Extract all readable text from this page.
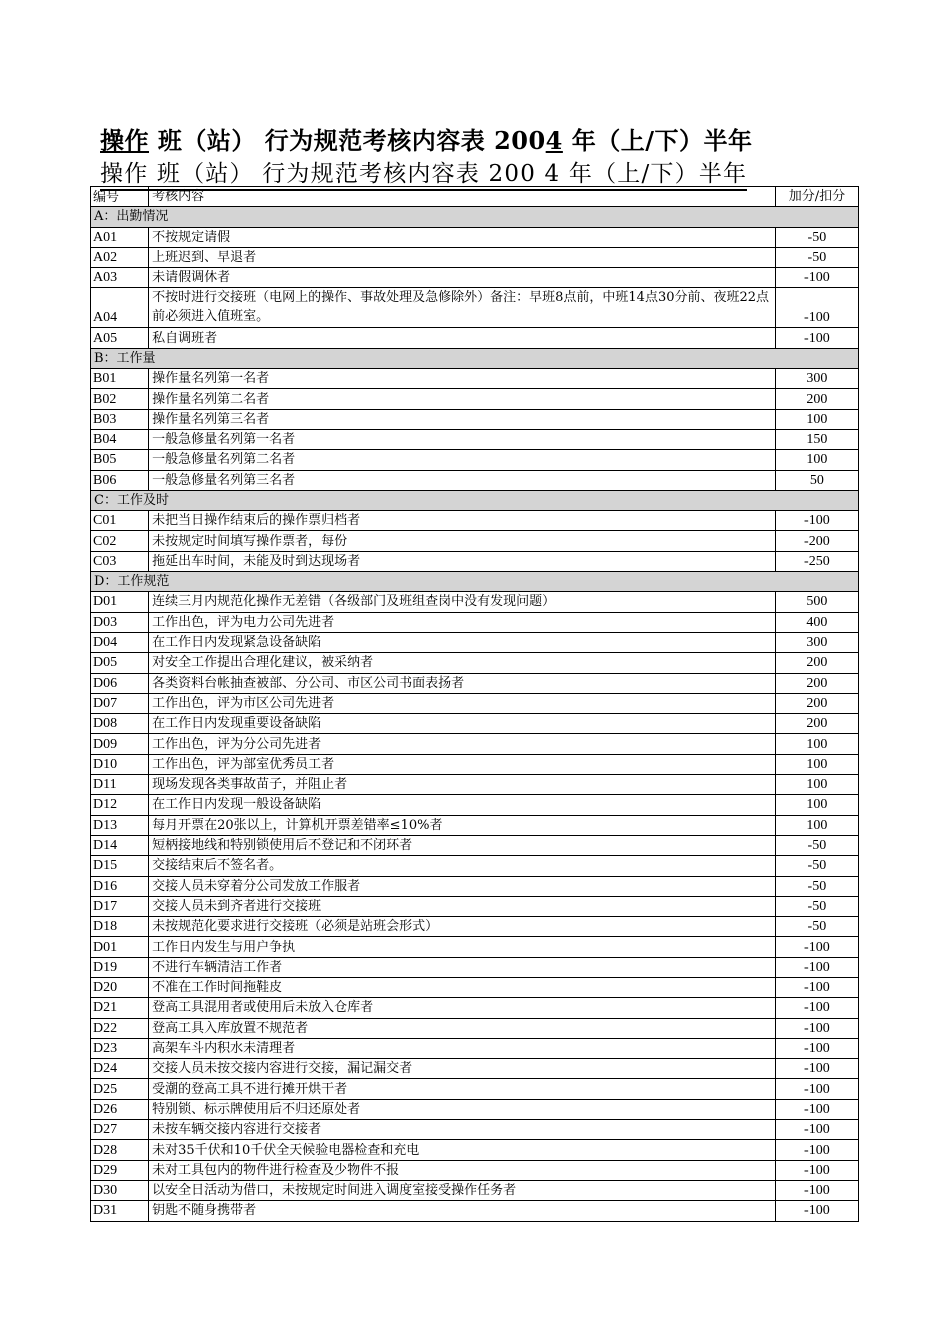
操作 班（站） 行为规范考核内容表 2004 年（上/下）半年
操作 班（站） 行为规范考核内容表 200 4 年（上/下）半年
编号	考核内容	加分/扣分
A：出勤情况		
A01	不按规定请假	-50
A02	上班迟到、早退者	-50
A03	未请假调休者	-100
A04	不按时进行交接班（电网上的操作、事故处理及急修除外）备注：早班8点前，中班14点30分前、夜班22点前必须进入值班室。	-100
A05	私自调班者	-100
B：工作量		
B01	操作量名列第一名者	300
B02	操作量名列第二名者	200
B03	操作量名列第三名者	100
B04	一般急修量名列第一名者	150
B05	一般急修量名列第二名者	100
B06	一般急修量名列第三名者	50
C：工作及时		
C01	未把当日操作结束后的操作票归档者	-100
C02	未按规定时间填写操作票者，每份	-200
C03	拖延出车时间，未能及时到达现场者	-250
D：工作规范		
D01	连续三月内规范化操作无差错（各级部门及班组查岗中没有发现问题）	500
D03	工作出色，评为电力公司先进者	400
D04	在工作日内发现紧急设备缺陷	300
D05	对安全工作提出合理化建议，被采纳者	200
D06	各类资料台帐抽查被部、分公司、市区公司书面表扬者	200
D07	工作出色，评为市区公司先进者	200
D08	在工作日内发现重要设备缺陷	200
D09	工作出色，评为分公司先进者	100
D10	工作出色，评为部室优秀员工者	100
D11	现场发现各类事故苗子，并阻止者	100
D12	在工作日内发现一般设备缺陷	100
D13	每月开票在20张以上，计算机开票差错率≤10%者	100
D14	短柄接地线和特别锁使用后不登记和不闭环者	-50
D15	交接结束后不签名者。	-50
D16	交接人员未穿着分公司发放工作服者	-50
D17	交接人员未到齐者进行交接班	-50
D18	未按规范化要求进行交接班（必须是站班会形式）	-50
D01	工作日内发生与用户争执	-100
D19	不进行车辆清洁工作者	-100
D20	不准在工作时间拖鞋皮	-100
D21	登高工具混用者或使用后未放入仓库者	-100
D22	登高工具入库放置不规范者	-100
D23	高架车斗内积水未清理者	-100
D24	交接人员未按交接内容进行交接，漏记漏交者	-100
D25	受潮的登高工具不进行摊开烘干者	-100
D26	特别锁、标示牌使用后不归还原处者	-100
D27	未按车辆交接内容进行交接者	-100
D28	未对35千伏和10千伏全天候验电器检查和充电	-100
D29	未对工具包内的物件进行检查及少物件不报	-100
D30	以安全日活动为借口，未按规定时间进入调度室接受操作任务者	-100
D31	钥匙不随身携带者	-100
